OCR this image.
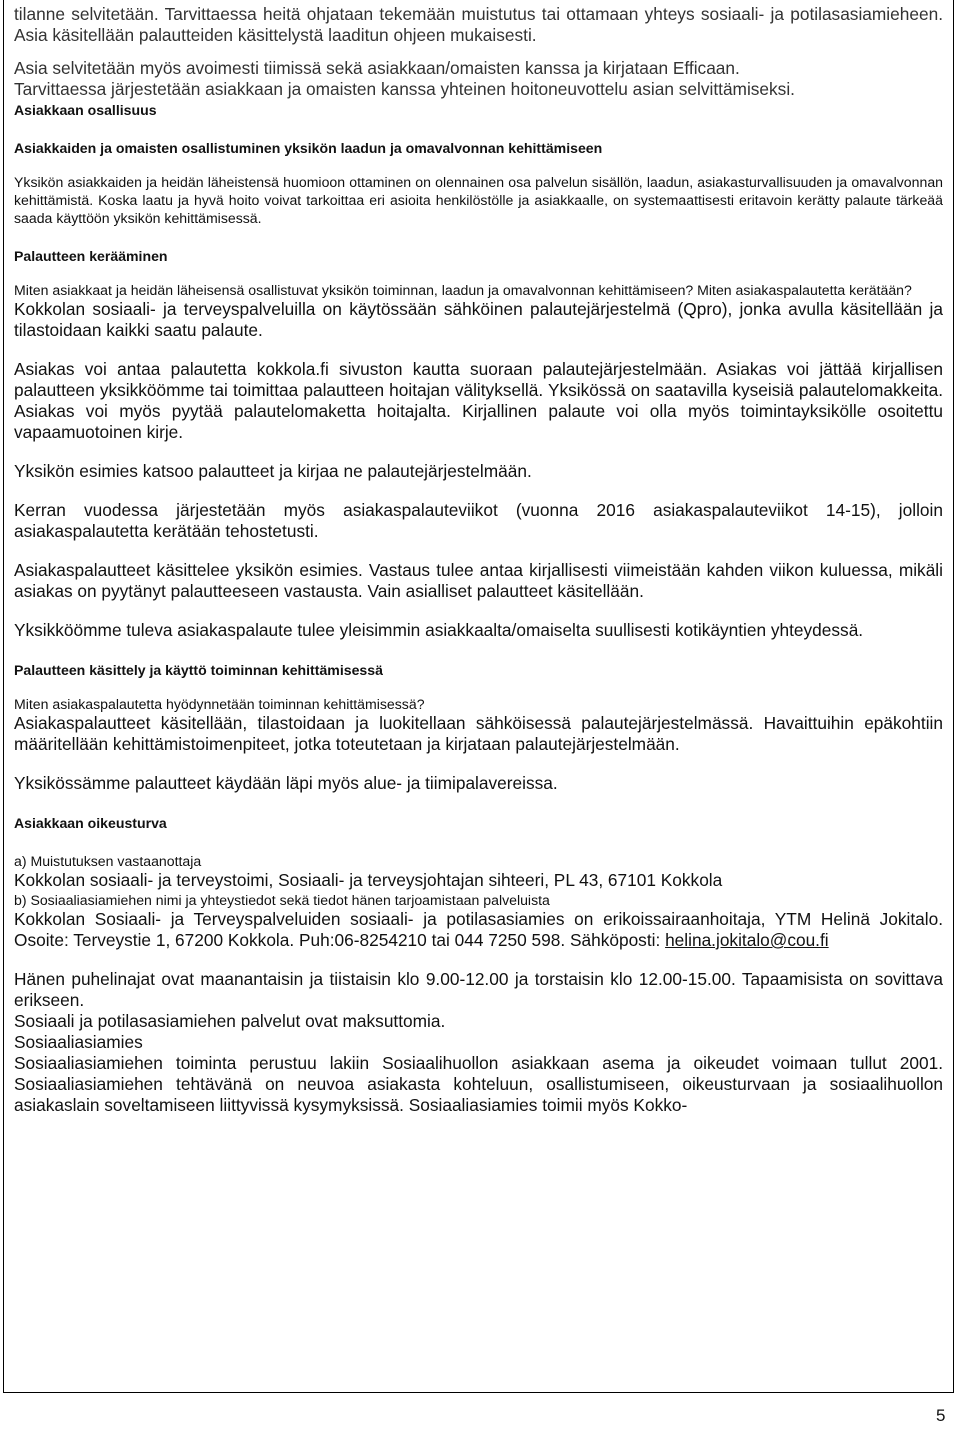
tilanne selvitetään. Tarvittaessa heitä ohjataan tekemään muistutus tai ottamaan yhteys sosiaali- ja potilasasiamieheen. Asia käsitellään palautteiden käsittelystä laaditun ohjeen mukaisesti.

Asia selvitetään myös avoimesti tiimissä sekä asiakkaan/omaisten kanssa ja kirjataan Efficaan.

Tarvittaessa järjestetään asiakkaan ja omaisten kanssa yhteinen hoitoneuvottelu asian selvittämiseksi.

Asiakkaan osallisuus

Asiakkaiden ja omaisten osallistuminen yksikön laadun ja omavalvonnan kehittämiseen

Yksikön asiakkaiden ja heidän läheistensä huomioon ottaminen on olennainen osa palvelun sisällön, laadun, asiakasturvallisuuden ja omavalvonnan kehittämistä. Koska laatu ja hyvä hoito voivat tarkoittaa eri asioita henkilöstölle ja asiakkaalle, on systemaattisesti eritavoin kerätty palaute tärkeää saada käyttöön yksikön kehittämisessä.

Palautteen kerääminen

Miten asiakkaat ja heidän läheisensä osallistuvat yksikön toiminnan, laadun ja omavalvonnan kehittämiseen? Miten asiakaspalautetta kerätään?

Kokkolan sosiaali- ja terveyspalveluilla on käytössään sähköinen palautejärjestelmä (Qpro), jonka avulla käsitellään ja tilastoidaan kaikki saatu palaute.

Asiakas voi antaa palautetta kokkola.fi sivuston kautta suoraan palautejärjestelmään. Asiakas voi jättää kirjallisen palautteen yksikköömme tai toimittaa palautteen hoitajan välityksellä. Yksikössä on saatavilla kyseisiä palautelomakkeita. Asiakas voi myös pyytää palautelomaketta hoitajalta. Kirjallinen palaute voi olla myös toimintayksikölle osoitettu vapaamuotoinen kirje.

Yksikön esimies katsoo palautteet ja kirjaa ne palautejärjestelmään.

Kerran vuodessa järjestetään myös asiakaspalauteviikot (vuonna 2016 asiakaspalauteviikot 14-15), jolloin asiakaspalautetta kerätään tehostetusti.

Asiakaspalautteet käsittelee yksikön esimies. Vastaus tulee antaa kirjallisesti viimeistään kahden viikon kuluessa, mikäli asiakas on pyytänyt palautteeseen vastausta. Vain asialliset palautteet käsitellään.

Yksikköömme tuleva asiakaspalaute tulee yleisimmin asiakkaalta/omaiselta suullisesti kotikäyntien yhteydessä.

Palautteen käsittely ja käyttö toiminnan kehittämisessä

Miten asiakaspalautetta hyödynnetään toiminnan kehittämisessä?

Asiakaspalautteet käsitellään, tilastoidaan ja luokitellaan sähköisessä palautejärjestelmässä. Havaittuihin epäkohtiin määritellään kehittämistoimenpiteet, jotka toteutetaan ja kirjataan palautejärjestelmään.

Yksikössämme palautteet käydään läpi myös alue- ja tiimipalavereissa.

Asiakkaan oikeusturva

a) Muistutuksen vastaanottaja

Kokkolan sosiaali- ja terveystoimi, Sosiaali- ja terveysjohtajan sihteeri, PL 43, 67101 Kokkola

b) Sosiaaliasiamiehen nimi ja yhteystiedot sekä tiedot hänen tarjoamistaan palveluista

Kokkolan Sosiaali- ja Terveyspalveluiden sosiaali- ja potilasasiamies on erikoissairaanhoitaja, YTM Helinä Jokitalo. Osoite: Terveystie 1, 67200 Kokkola. Puh:06-8254210 tai 044 7250 598. Sähköposti: helina.jokitalo@cou.fi

Hänen puhelinajat ovat maanantaisin ja tiistaisin klo 9.00-12.00 ja torstaisin klo 12.00-15.00. Tapaamisista on sovittava erikseen.

Sosiaali ja potilasasiamiehen palvelut ovat maksuttomia.

Sosiaaliasiamies

Sosiaaliasiamiehen toiminta perustuu lakiin Sosiaalihuollon asiakkaan asema ja oikeudet voimaan tullut 2001. Sosiaaliasiamiehen tehtävänä on neuvoa asiakasta kohteluun, osallistumiseen, oikeusturvaan ja sosiaalihuollon asiakaslain soveltamiseen liittyvissä kysymyksissä. Sosiaaliasiamies toimii myös Kokko-

5
